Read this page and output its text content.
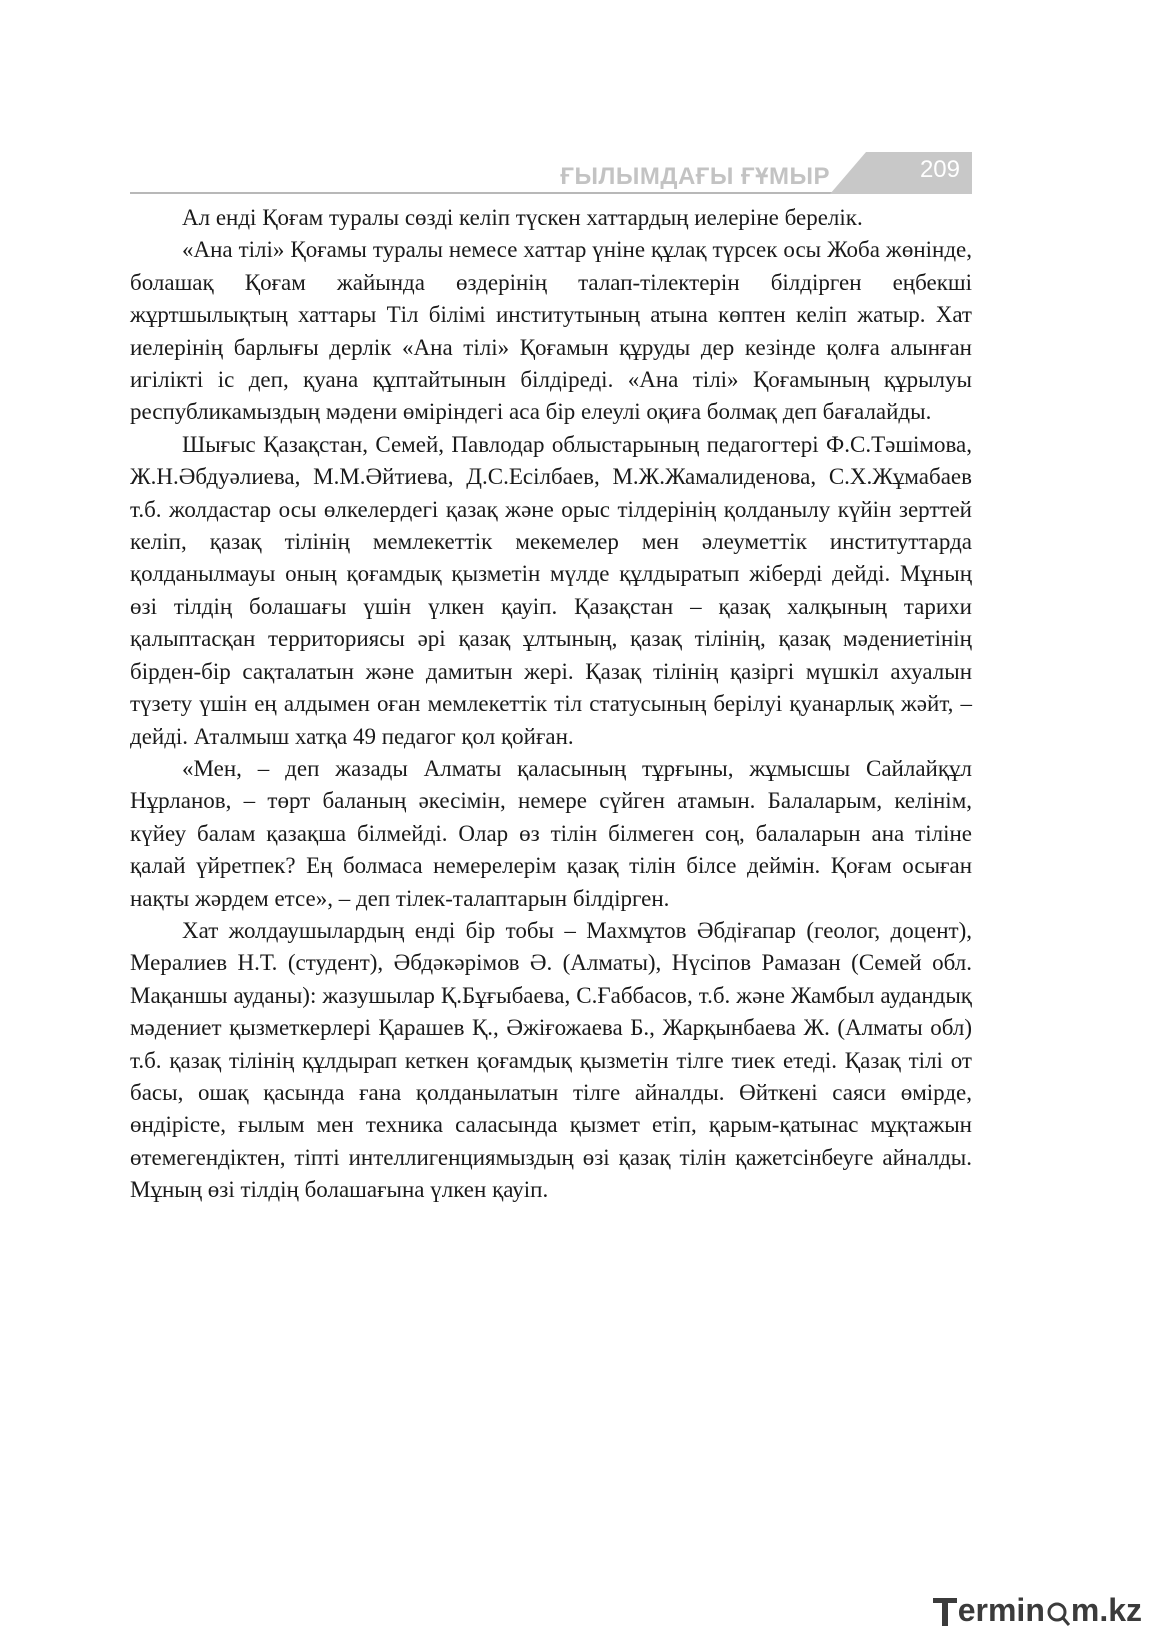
ҒЫЛЫМДАҒЫ ҒҰМЫР	209

Ал енді Қоғам туралы сөзді келіп түскен хаттардың иелеріне берелік.

«Ана тілі» Қоғамы туралы немесе хаттар үніне құлақ түрсек осы Жоба жөнінде, болашақ Қоғам жайында өздерінің талап-тілектерін білдірген еңбекші жұртшылықтың хаттары Тіл білімі институтының атына көптен келіп жатыр. Хат иелерінің барлығы дерлік «Ана тілі» Қоғамын құруды дер кезінде қолға алынған игілікті іс деп, қуана құптайтынын білдіреді. «Ана тілі» Қоғамының құрылуы республикамыздың мәдени өміріндегі аса бір елеулі оқиға болмақ деп бағалайды.

Шығыс Қазақстан, Семей, Павлодар облыстарының педагогтері Ф.С.Тәшімова, Ж.Н.Әбдуәлиева, М.М.Әйтиева, Д.С.Есілбаев, М.Ж.Жамалиденова, С.Х.Жұмабаев т.б. жолдастар осы өлкелердегі қазақ және орыс тілдерінің қолданылу күйін зерттей келіп, қазақ тілінің мемлекеттік мекемелер мен әлеуметтік институттарда қолданылмауы оның қоғамдық қызметін мүлде құлдыратып жіберді дейді. Мұның өзі тілдің болашағы үшін үлкен қауіп. Қазақстан – қазақ халқының тарихи қалыптасқан территориясы әрі қазақ ұлтының, қазақ тілінің, қазақ мәдениетінің бірден-бір сақталатын және дамитын жері. Қазақ тілінің қазіргі мүшкіл ахуалын түзету үшін ең алдымен оған мемлекеттік тіл статусының берілуі қуанарлық жәйт, – дейді. Аталмыш хатқа 49 педагог қол қойған.

«Мен, – деп жазады Алматы қаласының тұрғыны, жұмысшы Сайлайқұл Нұрланов, – төрт баланың әкесімін, немере сүйген атамын. Балаларым, келінім, күйеу балам қазақша білмейді. Олар өз тілін білмеген соң, балаларын ана тіліне қалай үйретпек? Ең болмаса немерелерім қазақ тілін білсе деймін. Қоғам осыған нақты жәрдем етсе», – деп тілек-талаптарын білдірген.

Хат жолдаушылардың енді бір тобы – Махмұтов Әбдіғапар (геолог, доцент), Мералиев Н.Т. (студент), Әбдәкәрімов Ә. (Алматы), Нүсіпов Рамазан (Семей обл. Мақаншы ауданы): жазушылар Қ.Бұғыбаева, С.Ғаббасов, т.б. және Жамбыл аудандық мәдениет қызметкерлері Қарашев Қ., Әжіғожаева Б., Жарқынбаева Ж. (Алматы обл) т.б. қазақ тілінің құлдырап кеткен қоғамдық қызметін тілге тиек етеді. Қазақ тілі от басы, ошақ қасында ғана қолданылатын тілге айналды. Өйткені саяси өмірде, өндірісте, ғылым мен техника саласында қызмет етіп, қарым-қатынас мұқтажын өтемегендіктен, тіпті интеллигенциямыздың өзі қазақ тілін қажетсінбеуге айналды. Мұның өзі тілдің болашағына үлкен қауіп.

ermin m.kz
